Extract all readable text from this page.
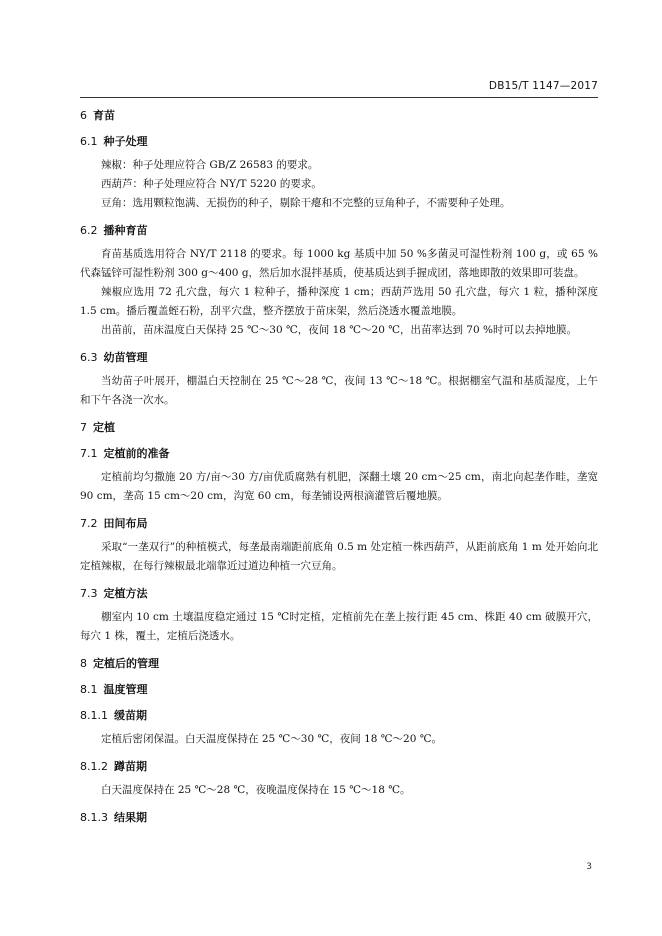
DB15/T 1147—2017
6 育苗
6.1 种子处理

辣椒：种子处理应符合 GB/Z 26583 的要求。

西葫芦：种子处理应符合 NY/T 5220 的要求。

豆角：选用颗粒饱满、无损伤的种子，剔除干瘪和不完整的豆角种子，不需要种子处理。

6.2 播种育苗

育苗基质选用符合 NY/T 2118 的要求。每 1000 kg 基质中加 50 %多菌灵可湿性粉剂 100 g，或 65 %代森锰锌可湿性粉剂 300 g～400 g，然后加水混拌基质，使基质达到手握成团，落地即散的效果即可装盘。

辣椒应选用 72 孔穴盘，每穴 1 粒种子，播种深度 1 cm；西葫芦选用 50 孔穴盘，每穴 1 粒，播种深度 1.5 cm。播后覆盖蛭石粉，刮平穴盘，整齐摆放于苗床架，然后浇透水覆盖地膜。

出苗前，苗床温度白天保持 25 ℃～30 ℃，夜间 18 ℃～20 ℃，出苗率达到 70 %时可以去掉地膜。

6.3 幼苗管理

当幼苗子叶展开，棚温白天控制在 25 ℃～28 ℃，夜间 13 ℃～18 ℃。根据棚室气温和基质湿度，上午和下午各浇一次水。

7 定植
7.1 定植前的准备

定植前均匀撒施 20 方/亩～30 方/亩优质腐熟有机肥，深翻土壤 20 cm～25 cm，南北向起垄作畦，垄宽 90 cm，垄高 15 cm～20 cm，沟宽 60 cm，每垄铺设两根滴灌管后覆地膜。

7.2 田间布局

采取“一垄双行”的种植模式，每垄最南端距前底角 0.5 m 处定植一株西葫芦，从距前底角 1 m 处开始向北定植辣椒，在每行辣椒最北端靠近过道边种植一穴豆角。

7.3 定植方法

棚室内 10 cm 土壤温度稳定通过 15 ℃时定植，定植前先在垄上按行距 45 cm、株距 40 cm 破膜开穴，每穴 1 株，覆土，定植后浇透水。

8 定植后的管理
8.1 温度管理
8.1.1 缓苗期

定植后密闭保温。白天温度保持在 25 ℃～30 ℃，夜间 18 ℃～20 ℃。

8.1.2 蹲苗期

白天温度保持在 25 ℃～28 ℃，夜晚温度保持在 15 ℃～18 ℃。

8.1.3 结果期
3
